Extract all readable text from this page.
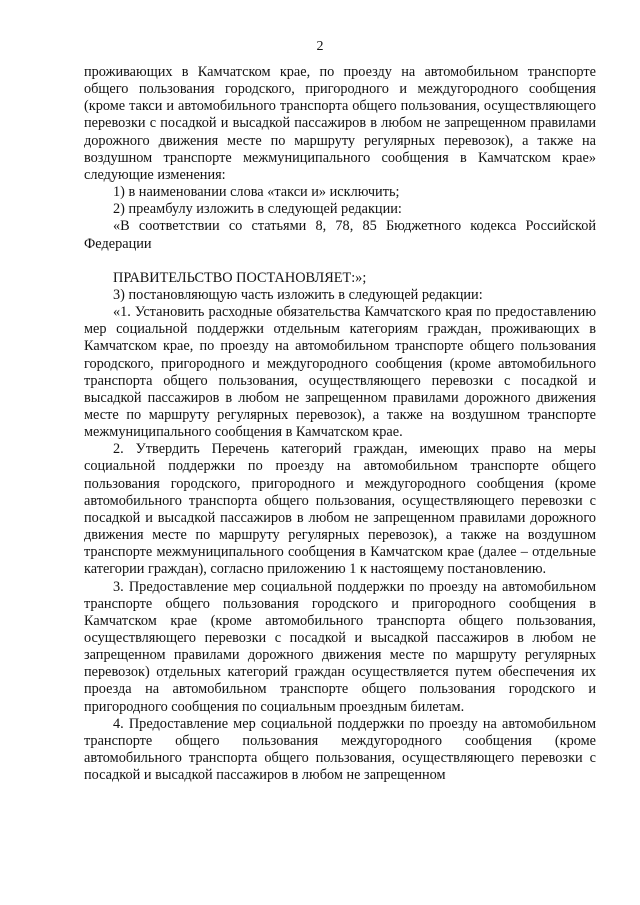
2

проживающих в Камчатском крае, по проезду на автомобильном транспорте общего пользования городского, пригородного и междугородного сообщения (кроме такси и автомобильного транспорта общего пользования, осуществляющего перевозки с посадкой и высадкой пассажиров в любом не запрещенном правилами дорожного движения месте по маршруту регулярных перевозок), а также на воздушном транспорте межмуниципального сообщения в Камчатском крае» следующие изменения:

1) в наименовании слова «такси и» исключить;

2) преамбулу изложить в следующей редакции:

«В соответствии со статьями 8, 78, 85 Бюджетного кодекса Российской Федерации

ПРАВИТЕЛЬСТВО ПОСТАНОВЛЯЕТ:»;

3) постановляющую часть изложить в следующей редакции:

«1. Установить расходные обязательства Камчатского края по предоставлению мер социальной поддержки отдельным категориям граждан, проживающих в Камчатском крае, по проезду на автомобильном транспорте общего пользования городского, пригородного и междугородного сообщения (кроме автомобильного транспорта общего пользования, осуществляющего перевозки с посадкой и высадкой пассажиров в любом не запрещенном правилами дорожного движения месте по маршруту регулярных перевозок), а также на воздушном транспорте межмуниципального сообщения в Камчатском крае.

2. Утвердить Перечень категорий граждан, имеющих право на меры социальной поддержки по проезду на автомобильном транспорте общего пользования городского, пригородного и междугородного сообщения (кроме автомобильного транспорта общего пользования, осуществляющего перевозки с посадкой и высадкой пассажиров в любом не запрещенном правилами дорожного движения месте по маршруту регулярных перевозок), а также на воздушном транспорте межмуниципального сообщения в Камчатском крае (далее – отдельные категории граждан), согласно приложению 1 к настоящему постановлению.

3. Предоставление мер социальной поддержки по проезду на автомобильном транспорте общего пользования городского и пригородного сообщения в Камчатском крае (кроме автомобильного транспорта общего пользования, осуществляющего перевозки с посадкой и высадкой пассажиров в любом не запрещенном правилами дорожного движения месте по маршруту регулярных перевозок) отдельных категорий граждан осуществляется путем обеспечения их проезда на автомобильном транспорте общего пользования городского и пригородного сообщения по социальным проездным билетам.

4. Предоставление мер социальной поддержки по проезду на автомобильном транспорте общего пользования междугородного сообщения (кроме автомобильного транспорта общего пользования, осуществляющего перевозки с посадкой и высадкой пассажиров в любом не запрещенном
